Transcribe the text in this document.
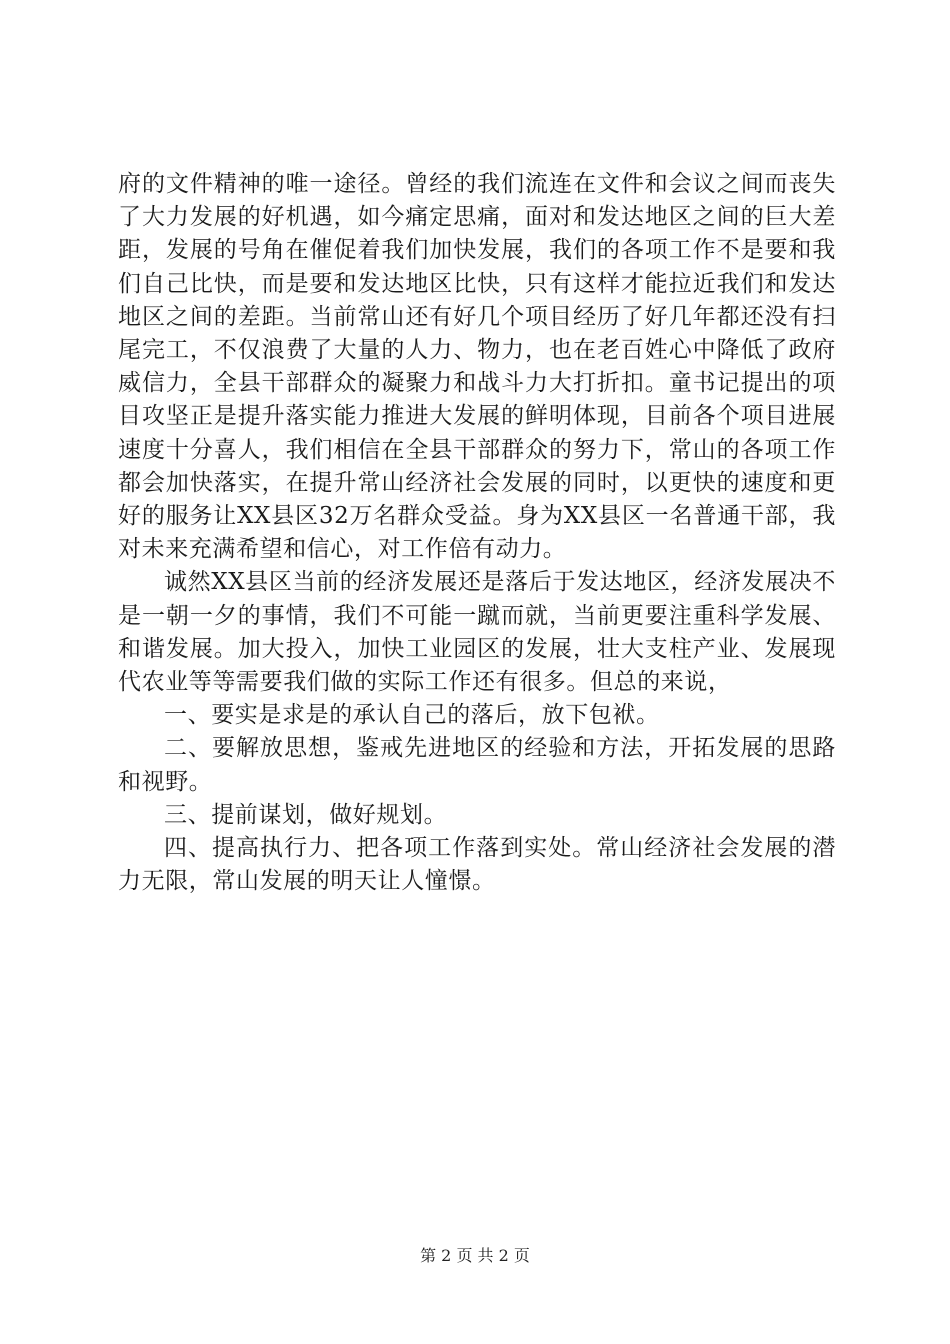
府的文件精神的唯一途径。曾经的我们流连在文件和会议之间而丧失了大力发展的好机遇，如今痛定思痛，面对和发达地区之间的巨大差距，发展的号角在催促着我们加快发展，我们的各项工作不是要和我们自己比快，而是要和发达地区比快，只有这样才能拉近我们和发达地区之间的差距。当前常山还有好几个项目经历了好几年都还没有扫尾完工，不仅浪费了大量的人力、物力，也在老百姓心中降低了政府威信力，全县干部群众的凝聚力和战斗力大打折扣。童书记提出的项目攻坚正是提升落实能力推进大发展的鲜明体现，目前各个项目进展速度十分喜人，我们相信在全县干部群众的努力下，常山的各项工作都会加快落实，在提升常山经济社会发展的同时，以更快的速度和更好的服务让XX县区32万名群众受益。身为XX县区一名普通干部，我对未来充满希望和信心，对工作倍有动力。

诚然XX县区当前的经济发展还是落后于发达地区，经济发展决不是一朝一夕的事情，我们不可能一蹴而就，当前更要注重科学发展、和谐发展。加大投入，加快工业园区的发展，壮大支柱产业、发展现代农业等等需要我们做的实际工作还有很多。但总的来说，

一、要实是求是的承认自己的落后，放下包袱。

二、要解放思想，鉴戒先进地区的经验和方法，开拓发展的思路和视野。

三、提前谋划，做好规划。

四、提高执行力、把各项工作落到实处。常山经济社会发展的潜力无限，常山发展的明天让人憧憬。

第 2 页 共 2 页
